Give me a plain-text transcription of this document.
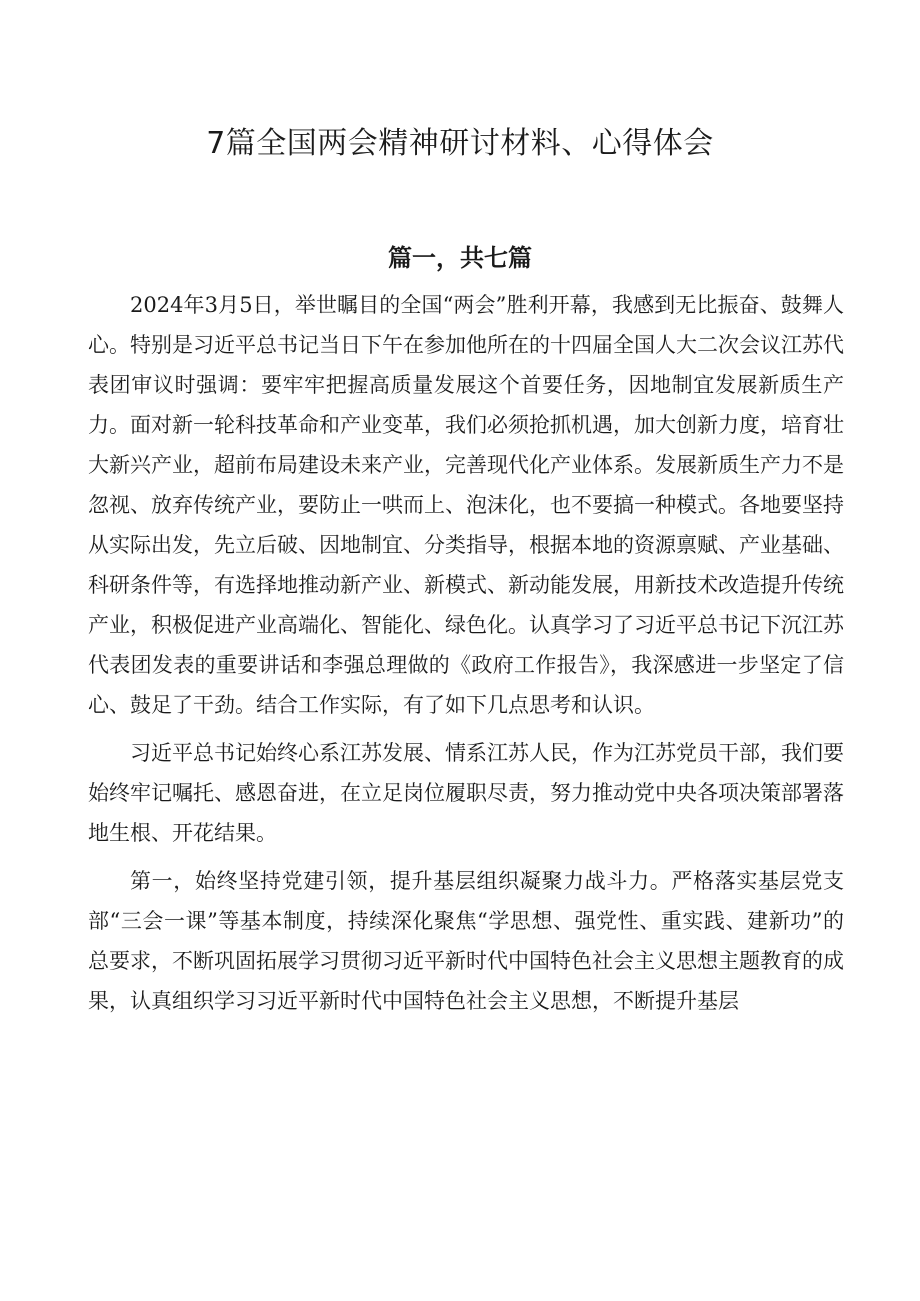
7篇全国两会精神研讨材料、心得体会
篇一，共七篇

2024年3月5日，举世瞩目的全国“两会”胜利开幕，我感到无比振奋、鼓舞人心。特别是习近平总书记当日下午在参加他所在的十四届全国人大二次会议江苏代表团审议时强调：要牢牢把握高质量发展这个首要任务，因地制宜发展新质生产力。面对新一轮科技革命和产业变革，我们必须抢抓机遇，加大创新力度，培育壮大新兴产业，超前布局建设未来产业，完善现代化产业体系。发展新质生产力不是忽视、放弃传统产业，要防止一哄而上、泡沫化，也不要搞一种模式。各地要坚持从实际出发，先立后破、因地制宜、分类指导，根据本地的资源禀赋、产业基础、科研条件等，有选择地推动新产业、新模式、新动能发展，用新技术改造提升传统产业，积极促进产业高端化、智能化、绿色化。认真学习了习近平总书记下沉江苏代表团发表的重要讲话和李强总理做的《政府工作报告》，我深感进一步坚定了信心、鼓足了干劲。结合工作实际，有了如下几点思考和认识。

习近平总书记始终心系江苏发展、情系江苏人民，作为江苏党员干部，我们要始终牢记嘱托、感恩奋进，在立足岗位履职尽责，努力推动党中央各项决策部署落地生根、开花结果。

第一，始终坚持党建引领，提升基层组织凝聚力战斗力。严格落实基层党支部“三会一课”等基本制度，持续深化聚焦“学思想、强党性、重实践、建新功”的总要求，不断巩固拓展学习贯彻习近平新时代中国特色社会主义思想主题教育的成果，认真组织学习习近平新时代中国特色社会主义思想，不断提升基层
